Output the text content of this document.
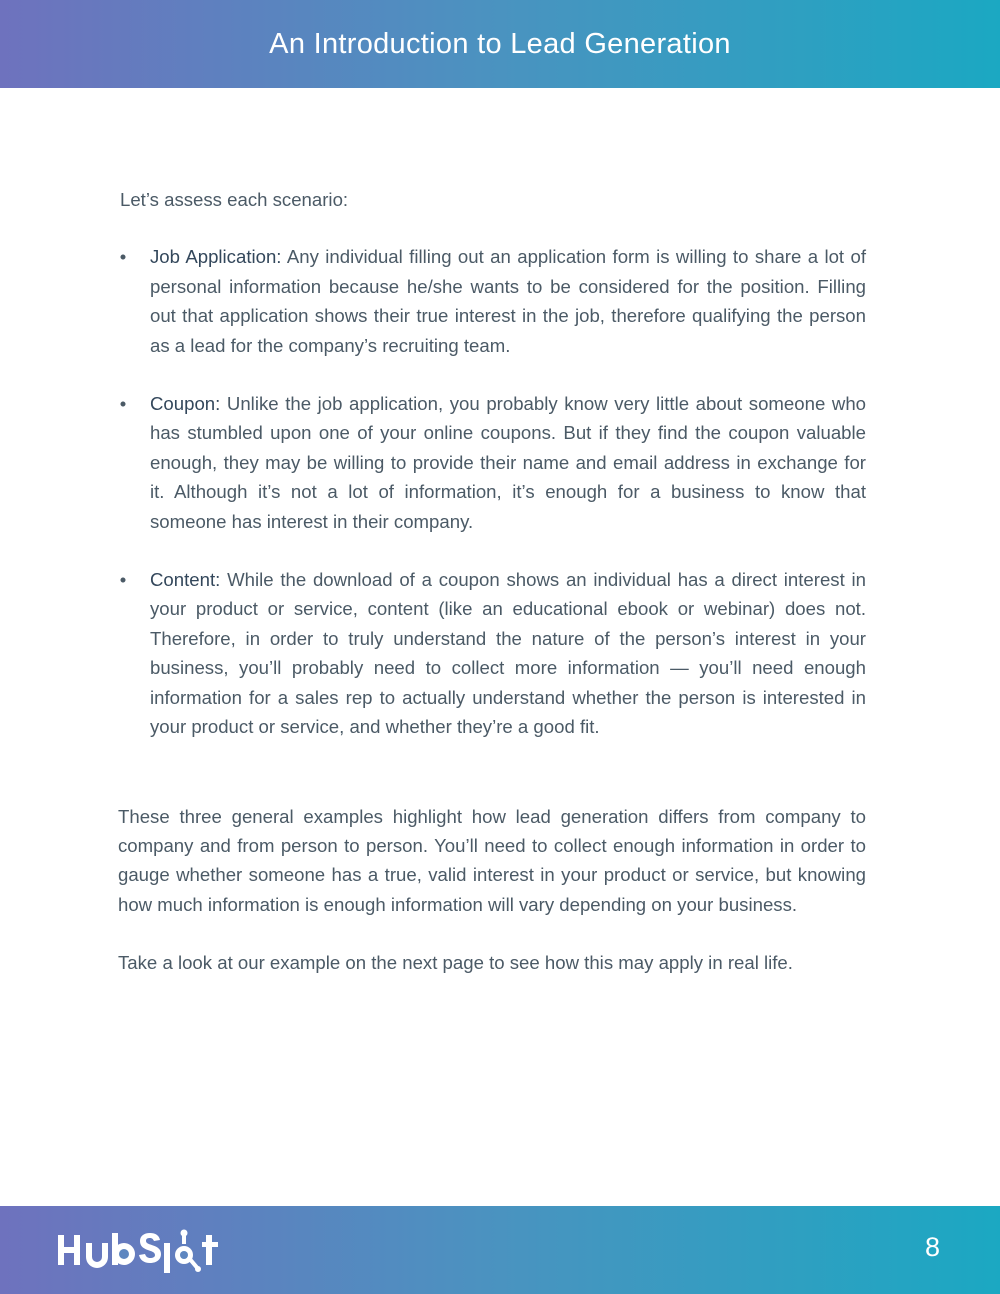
An Introduction to Lead Generation

Let’s assess each scenario:

• Job Application: Any individual filling out an application form is willing to share a lot of personal information because he/she wants to be considered for the position. Filling out that application shows their true interest in the job, therefore qualifying the person as a lead for the company’s recruiting team.
• Coupon: Unlike the job application, you probably know very little about someone who has stumbled upon one of your online coupons. But if they find the coupon valuable enough, they may be willing to provide their name and email address in exchange for it. Although it’s not a lot of information, it’s enough for a business to know that someone has interest in their company.
• Content: While the download of a coupon shows an individual has a direct interest in your product or service, content (like an educational ebook or webinar) does not. Therefore, in order to truly understand the nature of the person’s interest in your business, you’ll probably need to collect more information — you’ll need enough information for a sales rep to actually understand whether the person is interested in your product or service, and whether they’re a good fit.

These three general examples highlight how lead generation differs from company to company and from person to person. You’ll need to collect enough information in order to gauge whether someone has a true, valid interest in your product or service, but knowing how much information is enough information will vary depending on your business.

Take a look at our example on the next page to see how this may apply in real life.

8
